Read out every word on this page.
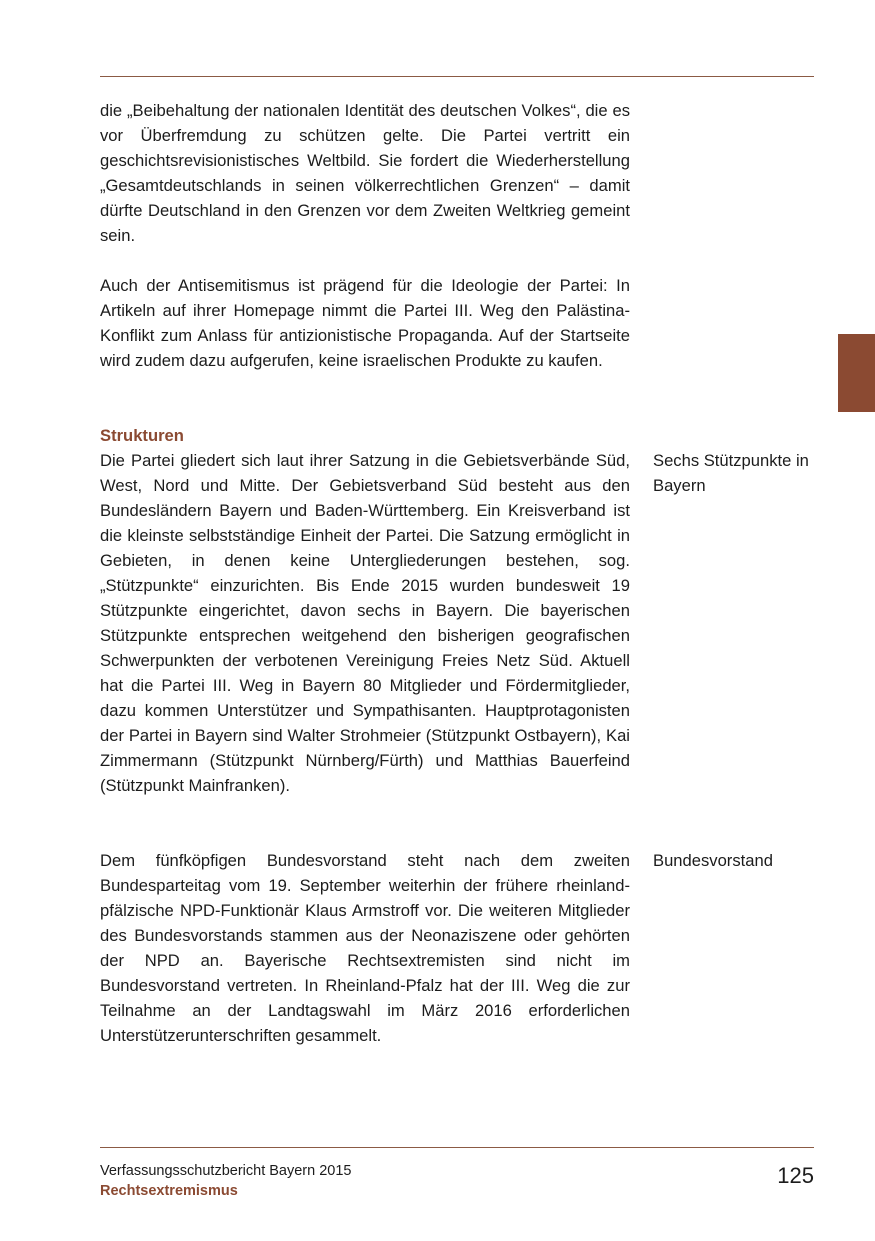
die „Beibehaltung der nationalen Identität des deutschen Volkes“, die es vor Überfremdung zu schützen gelte. Die Partei vertritt ein geschichtsrevisionistisches Weltbild. Sie fordert die Wiederherstellung „Gesamtdeutschlands in seinen völkerrechtlichen Grenzen“ – damit dürfte Deutschland in den Grenzen vor dem Zweiten Weltkrieg gemeint sein.

Auch der Antisemitismus ist prägend für die Ideologie der Partei: In Artikeln auf ihrer Homepage nimmt die Partei III. Weg den Palästina-Konflikt zum Anlass für antizionistische Propaganda. Auf der Startseite wird zudem dazu aufgerufen, keine israelischen Produkte zu kaufen.

Strukturen

Die Partei gliedert sich laut ihrer Satzung in die Gebietsverbände Süd, West, Nord und Mitte. Der Gebietsverband Süd besteht aus den Bundesländern Bayern und Baden-Württemberg. Ein Kreisverband ist die kleinste selbstständige Einheit der Partei. Die Satzung ermöglicht in Gebieten, in denen keine Untergliederungen bestehen, sog. „Stützpunkte“ einzurichten. Bis Ende 2015 wurden bundesweit 19 Stützpunkte eingerichtet, davon sechs in Bayern. Die bayerischen Stützpunkte entsprechen weitgehend den bisherigen geografischen Schwerpunkten der verbotenen Vereinigung Freies Netz Süd. Aktuell hat die Partei III. Weg in Bayern 80 Mitglieder und Fördermitglieder, dazu kommen Unterstützer und Sympathisanten. Hauptprotagonisten der Partei in Bayern sind Walter Strohmeier (Stützpunkt Ostbayern), Kai Zimmermann (Stützpunkt Nürnberg/Fürth) und Matthias Bauerfeind (Stützpunkt Mainfranken).

Sechs Stützpunkte in Bayern

Dem fünfköpfigen Bundesvorstand steht nach dem zweiten Bundesparteitag vom 19. September weiterhin der frühere rheinland-pfälzische NPD-Funktionär Klaus Armstroff vor. Die weiteren Mitglieder des Bundesvorstands stammen aus der Neonaziszene oder gehörten der NPD an. Bayerische Rechtsextremisten sind nicht im Bundesvorstand vertreten. In Rheinland-Pfalz hat der III. Weg die zur Teilnahme an der Landtagswahl im März 2016 erforderlichen Unterstützerunterschriften gesammelt.

Bundesvorstand

Verfassungsschutzbericht Bayern 2015
Rechtsextremismus
125
